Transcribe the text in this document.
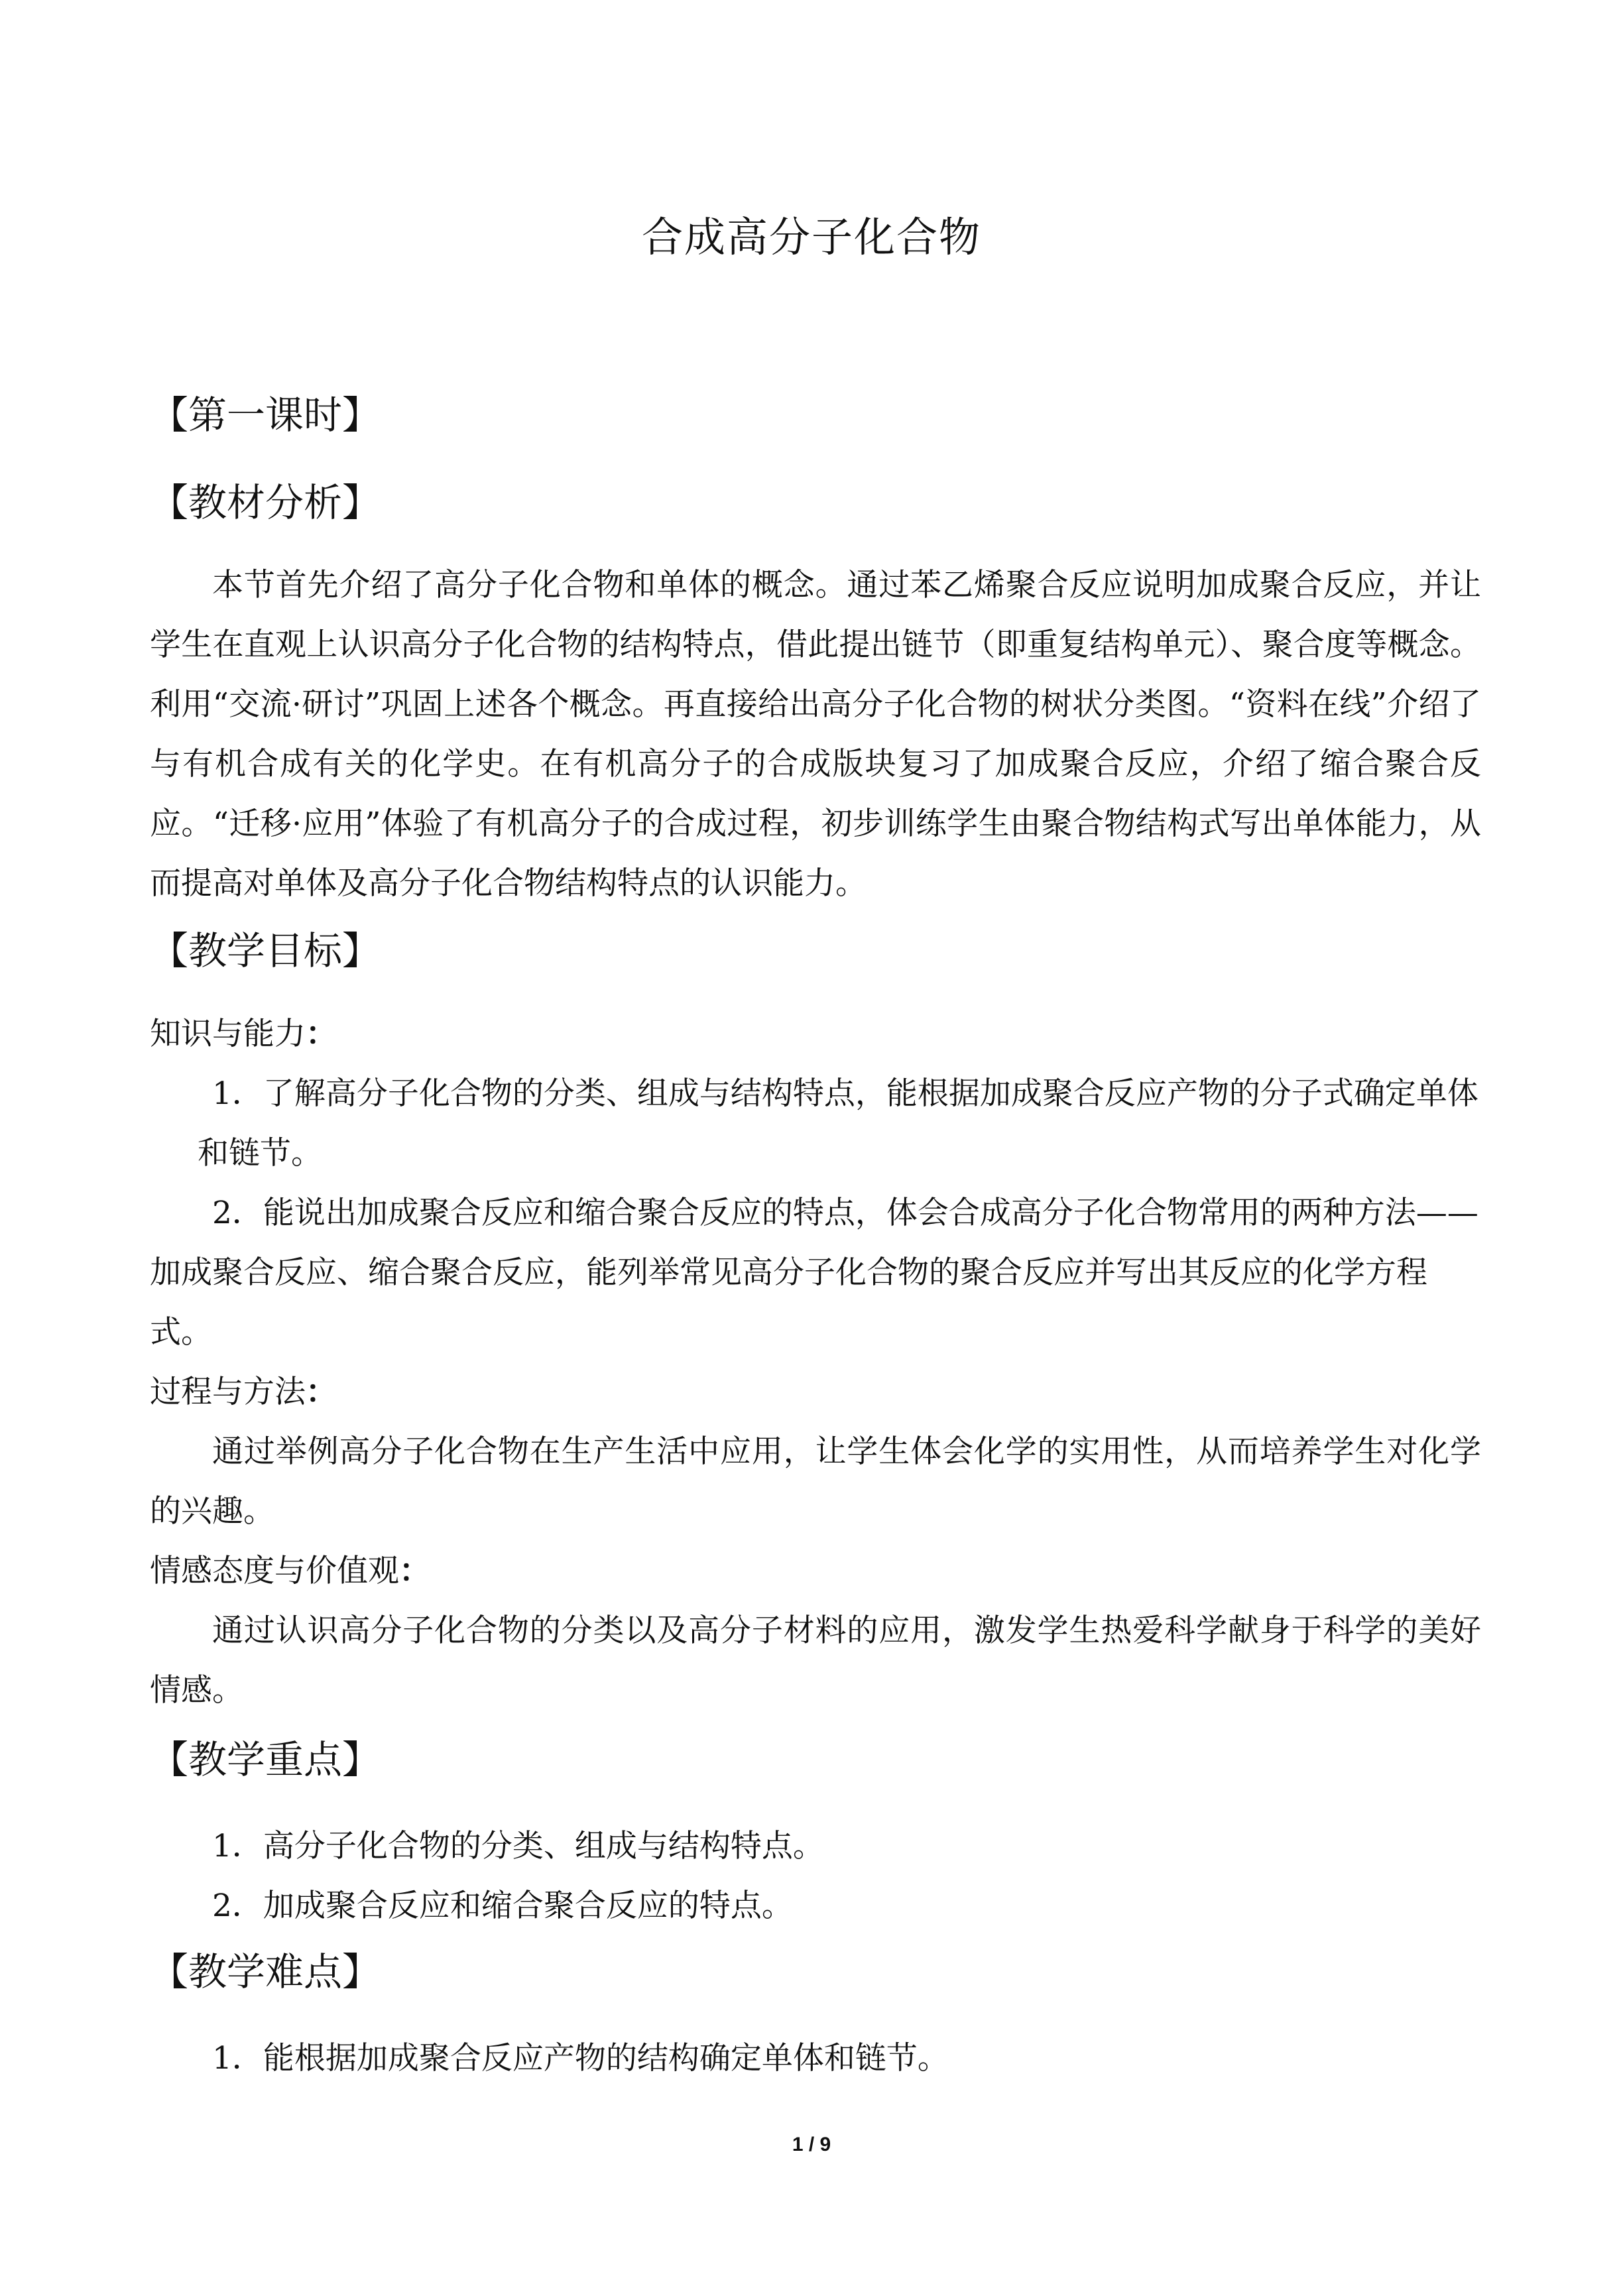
合成高分子化合物
【第一课时】
【教材分析】

本节首先介绍了高分子化合物和单体的概念。通过苯乙烯聚合反应说明加成聚合反应，并让学生在直观上认识高分子化合物的结构特点，借此提出链节（即重复结构单元）、聚合度等概念。利用“交流·研讨”巩固上述各个概念。再直接给出高分子化合物的树状分类图。“资料在线”介绍了与有机合成有关的化学史。在有机高分子的合成版块复习了加成聚合反应，介绍了缩合聚合反应。“迁移·应用”体验了有机高分子的合成过程，初步训练学生由聚合物结构式写出单体能力，从而提高对单体及高分子化合物结构特点的认识能力。

【教学目标】
知识与能力：

1．了解高分子化合物的分类、组成与结构特点，能根据加成聚合反应产物的分子式确定单体和链节。

2．能说出加成聚合反应和缩合聚合反应的特点，体会合成高分子化合物常用的两种方法——加成聚合反应、缩合聚合反应，能列举常见高分子化合物的聚合反应并写出其反应的化学方程式。

过程与方法：

通过举例高分子化合物在生产生活中应用，让学生体会化学的实用性，从而培养学生对化学的兴趣。

情感态度与价值观：

通过认识高分子化合物的分类以及高分子材料的应用，激发学生热爱科学献身于科学的美好情感。

【教学重点】
1．高分子化合物的分类、组成与结构特点。
2．加成聚合反应和缩合聚合反应的特点。
【教学难点】
1．能根据加成聚合反应产物的结构确定单体和链节。
1 / 9
